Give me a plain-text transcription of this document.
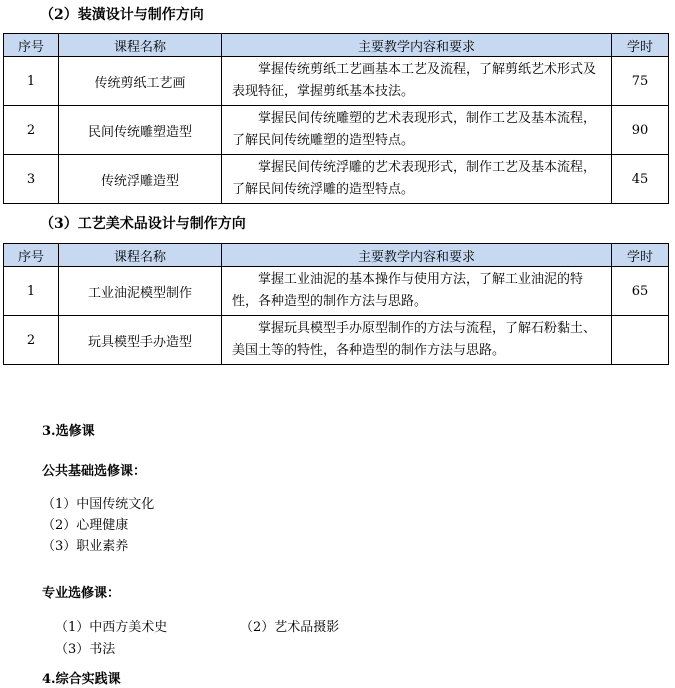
（2）装潢设计与制作方向
序号	课程名称	主要教学内容和要求	学时
1	传统剪纸工艺画	掌握传统剪纸工艺画基本工艺及流程，了解剪纸艺术形式及表现特征，掌握剪纸基本技法。	75
2	民间传统雕塑造型	掌握民间传统雕塑的艺术表现形式，制作工艺及基本流程，了解民间传统雕塑的造型特点。	90
3	传统浮雕造型	掌握民间传统浮雕的艺术表现形式，制作工艺及基本流程，了解民间传统浮雕的造型特点。	45
（3）工艺美术品设计与制作方向
序号	课程名称	主要教学内容和要求	学时
1	工业油泥模型制作	掌握工业油泥的基本操作与使用方法，了解工业油泥的特性，各种造型的制作方法与思路。	65
2	玩具模型手办造型	掌握玩具模型手办原型制作的方法与流程，了解石粉黏土、美国土等的特性，各种造型的制作方法与思路。	
3.选修课
公共基础选修课：
（1）中国传统文化
（2）心理健康
（3）职业素养
专业选修课：
（1）中西方美术史	（2）艺术品摄影
（3）书法
4.综合实践课
